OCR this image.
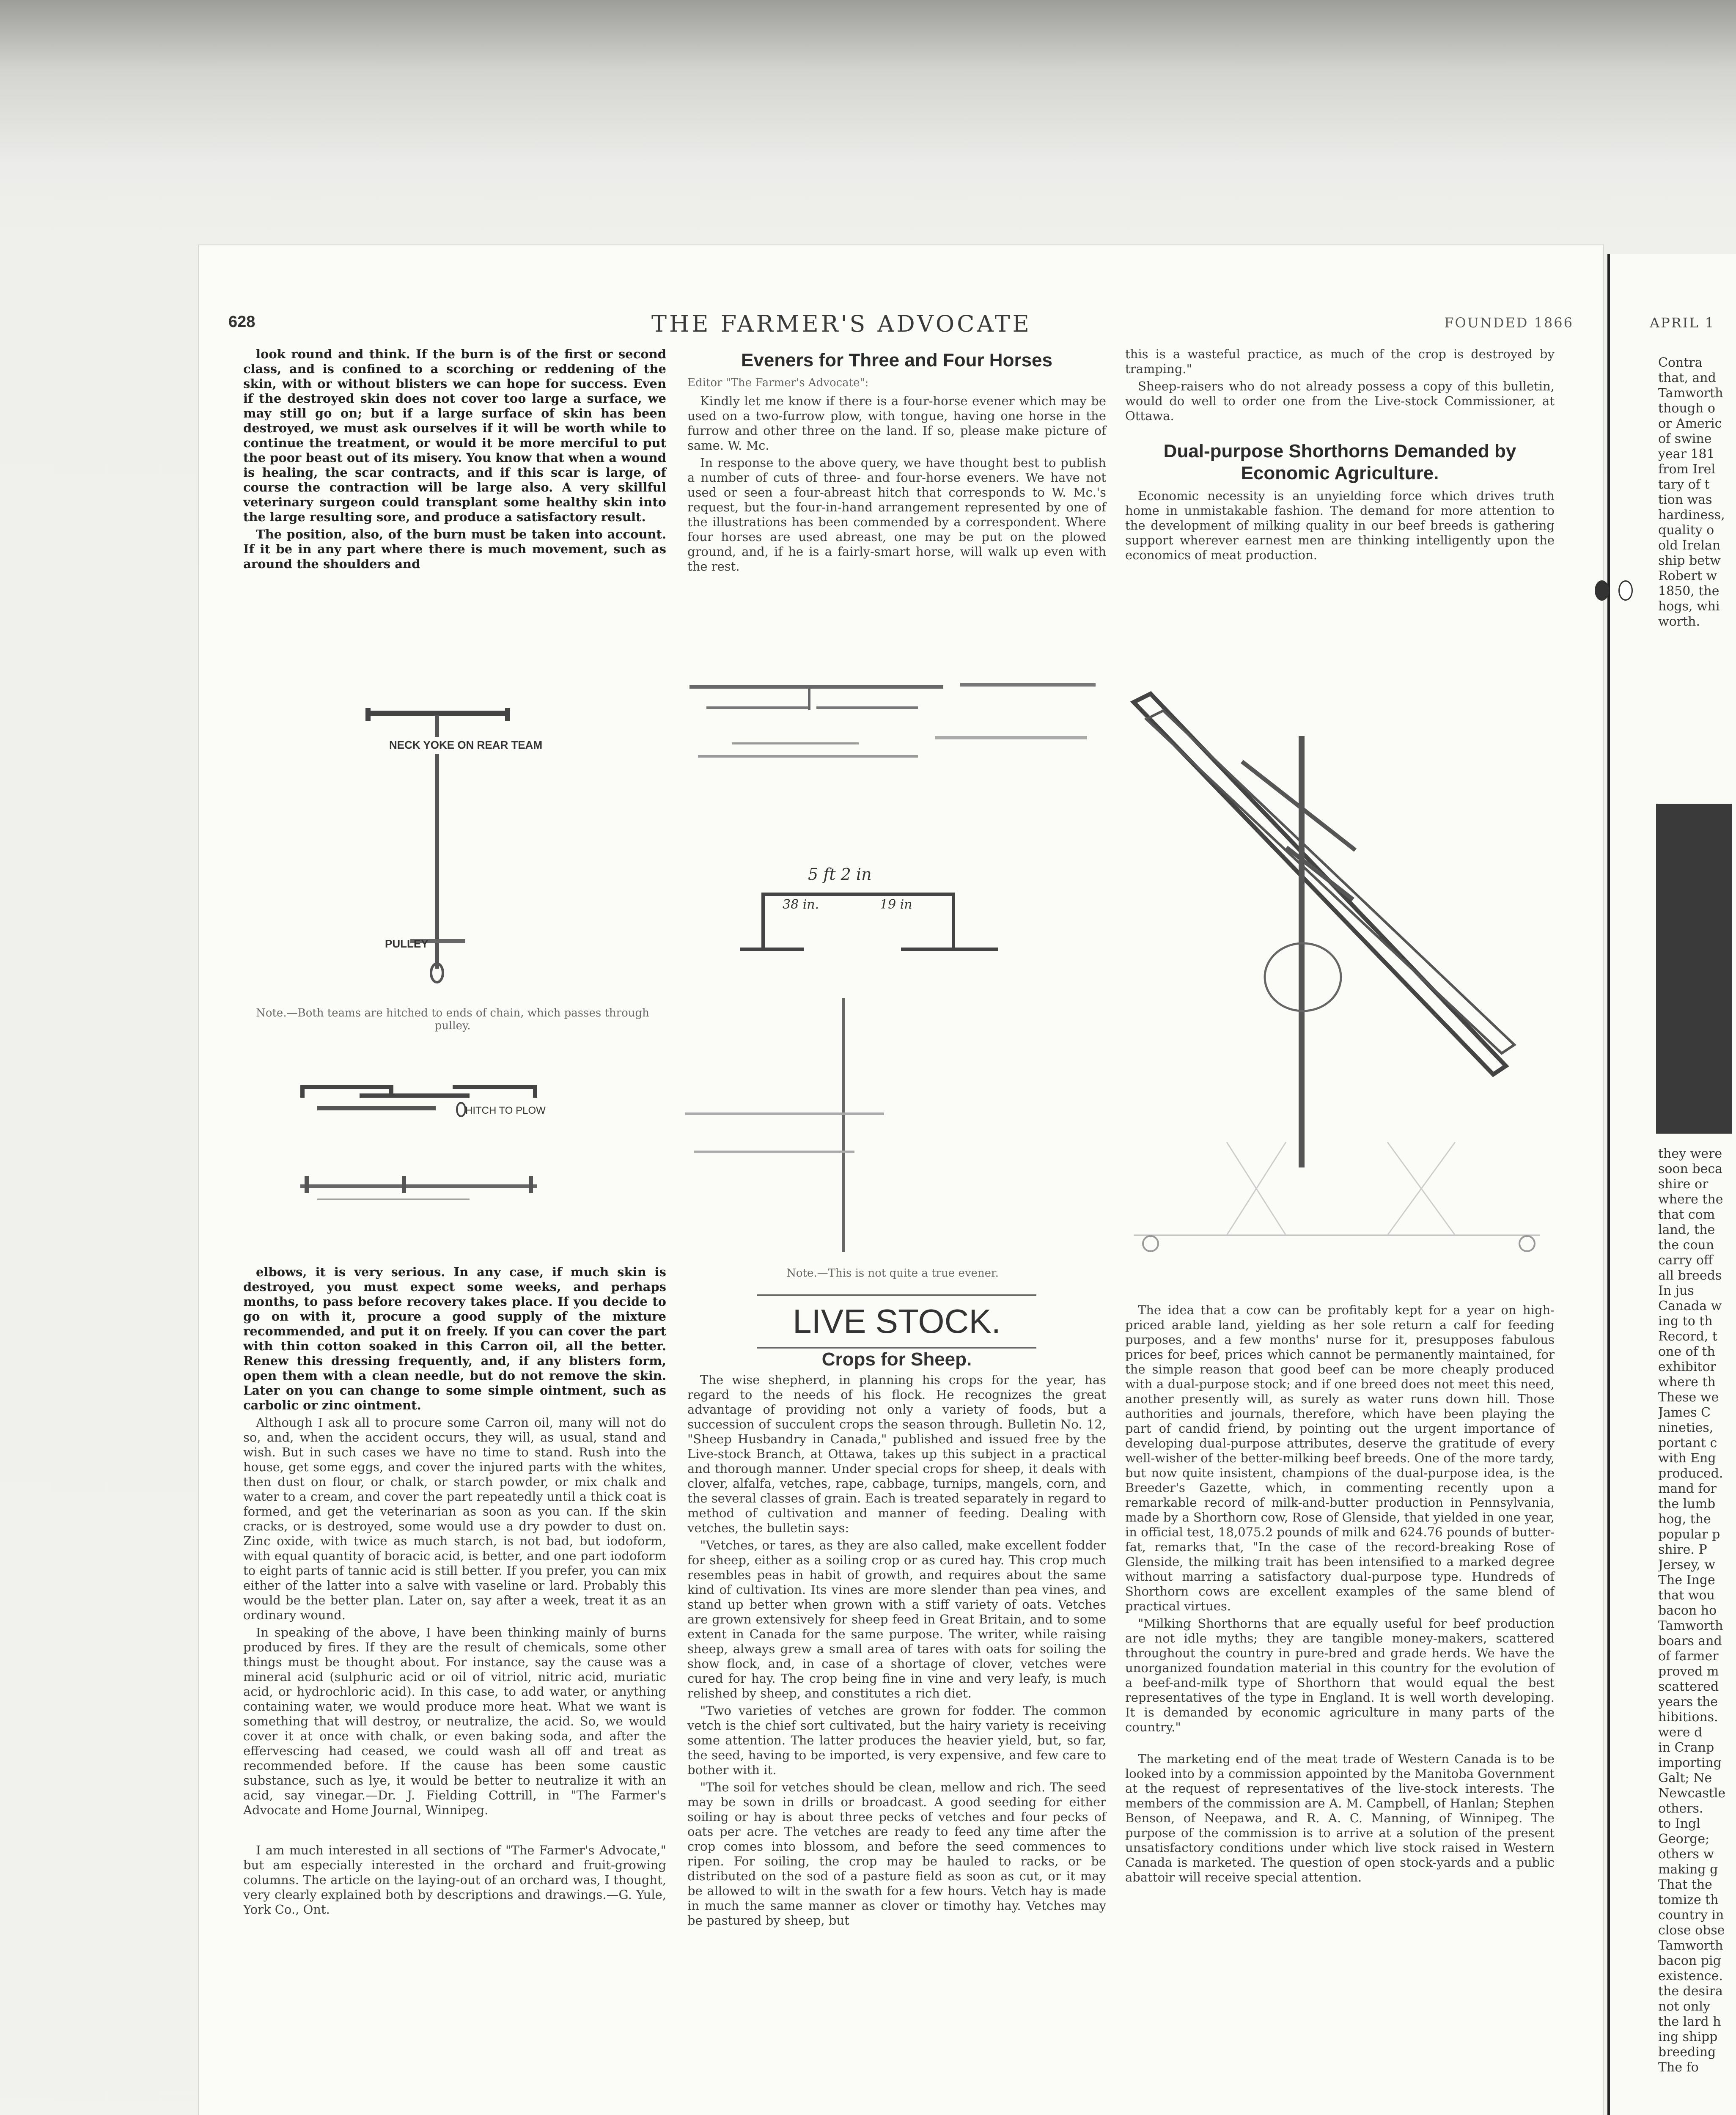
628	THE FARMER'S ADVOCATE	FOUNDED 1866	APRIL 1

look round and think. If the burn is of the first or second class, and is confined to a scorching or reddening of the skin, with or without blisters we can hope for success. Even if the destroyed skin does not cover too large a surface, we may still go on; but if a large surface of skin has been destroyed, we must ask ourselves if it will be worth while to continue the treatment, or would it be more merciful to put the poor beast out of its misery. You know that when a wound is healing, the scar contracts, and if this scar is large, of course the contraction will be large also. A very skillful veterinary surgeon could transplant some healthy skin into the large resulting sore, and produce a satisfactory result.

The position, also, of the burn must be taken into account. If it be in any part where there is much movement, such as around the shoulders and

NECK YOKE ON REAR TEAM
PULLEY
Note.—Both teams are hitched to ends of chain, which passes through pulley.
HITCH TO PLOW

elbows, it is very serious. In any case, if much skin is destroyed, you must expect some weeks, and perhaps months, to pass before recovery takes place. If you decide to go on with it, procure a good supply of the mixture recommended, and put it on freely. If you can cover the part with thin cotton soaked in this Carron oil, all the better. Renew this dressing frequently, and, if any blisters form, open them with a clean needle, but do not remove the skin. Later on you can change to some simple ointment, such as carbolic or zinc ointment.

Although I ask all to procure some Carron oil, many will not do so, and, when the accident occurs, they will, as usual, stand and wish. But in such cases we have no time to stand. Rush into the house, get some eggs, and cover the injured parts with the whites, then dust on flour, or chalk, or starch powder, or mix chalk and water to a cream, and cover the part repeatedly until a thick coat is formed, and get the veterinarian as soon as you can. If the skin cracks, or is destroyed, some would use a dry powder to dust on. Zinc oxide, with twice as much starch, is not bad, but iodoform, with equal quantity of boracic acid, is better, and one part iodoform to eight parts of tannic acid is still better. If you prefer, you can mix either of the latter into a salve with vaseline or lard. Probably this would be the better plan. Later on, say after a week, treat it as an ordinary wound.

In speaking of the above, I have been thinking mainly of burns produced by fires. If they are the result of chemicals, some other things must be thought about. For instance, say the cause was a mineral acid (sulphuric acid or oil of vitriol, nitric acid, muriatic acid, or hydrochloric acid). In this case, to add water, or anything containing water, we would produce more heat. What we want is something that will destroy, or neutralize, the acid. So, we would cover it at once with chalk, or even baking soda, and after the effervescing had ceased, we could wash all off and treat as recommended before. If the cause has been some caustic substance, such as lye, it would be better to neutralize it with an acid, say vinegar.—Dr. J. Fielding Cottrill, in "The Farmer's Advocate and Home Journal, Winnipeg.

I am much interested in all sections of "The Farmer's Advocate," but am especially interested in the orchard and fruit-growing columns. The article on the laying-out of an orchard was, I thought, very clearly explained both by descriptions and drawings.—G. Yule, York Co., Ont.

Eveners for Three and Four Horses
Editor "The Farmer's Advocate":

Kindly let me know if there is a four-horse evener which may be used on a two-furrow plow, with tongue, having one horse in the furrow and other three on the land. If so, please make picture of same. W. Mc.

In response to the above query, we have thought best to publish a number of cuts of three- and four-horse eveners. We have not used or seen a four-abreast hitch that corresponds to W. Mc.'s request, but the four-in-hand arrangement represented by one of the illustrations has been commended by a correspondent. Where four horses are used abreast, one may be put on the plowed ground, and, if he is a fairly-smart horse, will walk up even with the rest.

5 ft 2 in
38 in.	19 in
Note.—This is not quite a true evener.
LIVE STOCK.
Crops for Sheep.

The wise shepherd, in planning his crops for the year, has regard to the needs of his flock. He recognizes the great advantage of providing not only a variety of foods, but a succession of succulent crops the season through. Bulletin No. 12, "Sheep Husbandry in Canada," published and issued free by the Live-stock Branch, at Ottawa, takes up this subject in a practical and thorough manner. Under special crops for sheep, it deals with clover, alfalfa, vetches, rape, cabbage, turnips, mangels, corn, and the several classes of grain. Each is treated separately in regard to method of cultivation and manner of feeding. Dealing with vetches, the bulletin says:

"Vetches, or tares, as they are also called, make excellent fodder for sheep, either as a soiling crop or as cured hay. This crop much resembles peas in habit of growth, and requires about the same kind of cultivation. Its vines are more slender than pea vines, and stand up better when grown with a stiff variety of oats. Vetches are grown extensively for sheep feed in Great Britain, and to some extent in Canada for the same purpose. The writer, while raising sheep, always grew a small area of tares with oats for soiling the show flock, and, in case of a shortage of clover, vetches were cured for hay. The crop being fine in vine and very leafy, is much relished by sheep, and constitutes a rich diet.

"Two varieties of vetches are grown for fodder. The common vetch is the chief sort cultivated, but the hairy variety is receiving some attention. The latter produces the heavier yield, but, so far, the seed, having to be imported, is very expensive, and few care to bother with it.

"The soil for vetches should be clean, mellow and rich. The seed may be sown in drills or broadcast. A good seeding for either soiling or hay is about three pecks of vetches and four pecks of oats per acre. The vetches are ready to feed any time after the crop comes into blossom, and before the seed commences to ripen. For soiling, the crop may be hauled to racks, or be distributed on the sod of a pasture field as soon as cut, or it may be allowed to wilt in the swath for a few hours. Vetch hay is made in much the same manner as clover or timothy hay. Vetches may be pastured by sheep, but

this is a wasteful practice, as much of the crop is destroyed by tramping."

Sheep-raisers who do not already possess a copy of this bulletin, would do well to order one from the Live-stock Commissioner, at Ottawa.

Dual-purpose Shorthorns Demanded by Economic Agriculture.

Economic necessity is an unyielding force which drives truth home in unmistakable fashion. The demand for more attention to the development of milking quality in our beef breeds is gathering support wherever earnest men are thinking intelligently upon the economics of meat production.

The idea that a cow can be profitably kept for a year on high-priced arable land, yielding as her sole return a calf for feeding purposes, and a few months' nurse for it, presupposes fabulous prices for beef, prices which cannot be permanently maintained, for the simple reason that good beef can be more cheaply produced with a dual-purpose stock; and if one breed does not meet this need, another presently will, as surely as water runs down hill. Those authorities and journals, therefore, which have been playing the part of candid friend, by pointing out the urgent importance of developing dual-purpose attributes, deserve the gratitude of every well-wisher of the better-milking beef breeds. One of the more tardy, but now quite insistent, champions of the dual-purpose idea, is the Breeder's Gazette, which, in commenting recently upon a remarkable record of milk-and-butter production in Pennsylvania, made by a Shorthorn cow, Rose of Glenside, that yielded in one year, in official test, 18,075.2 pounds of milk and 624.76 pounds of butter-fat, remarks that, "In the case of the record-breaking Rose of Glenside, the milking trait has been intensified to a marked degree without marring a satisfactory dual-purpose type. Hundreds of Shorthorn cows are excellent examples of the same blend of practical virtues.

"Milking Shorthorns that are equally useful for beef production are not idle myths; they are tangible money-makers, scattered throughout the country in pure-bred and grade herds. We have the unorganized foundation material in this country for the evolution of a beef-and-milk type of Shorthorn that would equal the best representatives of the type in England. It is well worth developing. It is demanded by economic agriculture in many parts of the country."

The marketing end of the meat trade of Western Canada is to be looked into by a commission appointed by the Manitoba Government at the request of representatives of the live-stock interests. The members of the commission are A. M. Campbell, of Hanlan; Stephen Benson, of Neepawa, and R. A. C. Manning, of Winnipeg. The purpose of the commission is to arrive at a solution of the present unsatisfactory conditions under which live stock raised in Western Canada is marketed. The question of open stock-yards and a public abattoir will receive special attention.

Contra
that, and
Tamworth
though o
or Americ
of swine
year 181
from Irel
tary of t
tion was
hardiness,
quality o
old Irelan
ship betw
Robert w
1850, the
hogs, whi
worth.
they were
soon beca
shire or
where the
that com
land, the
the coun
carry off
all breeds
In jus
Canada w
ing to th
Record, t
one of th
exhibitor
where th
These we
James C
nineties,
portant c
with Eng
produced.
mand for
the lumb
hog, the
popular p
shire. P
Jersey, w
The Inge
that wou
bacon ho
Tamworth
boars and
of farmer
proved m
scattered
years the
hibitions.
were d
in Cranp
importing
Galt; Ne
Newcastle
others.
to Ingl
George;
others w
making g
That the
tomize th
country in
close obse
Tamworth
bacon pig
existence.
the desira
not only
the lard h
ing shipp
breeding
The fo
